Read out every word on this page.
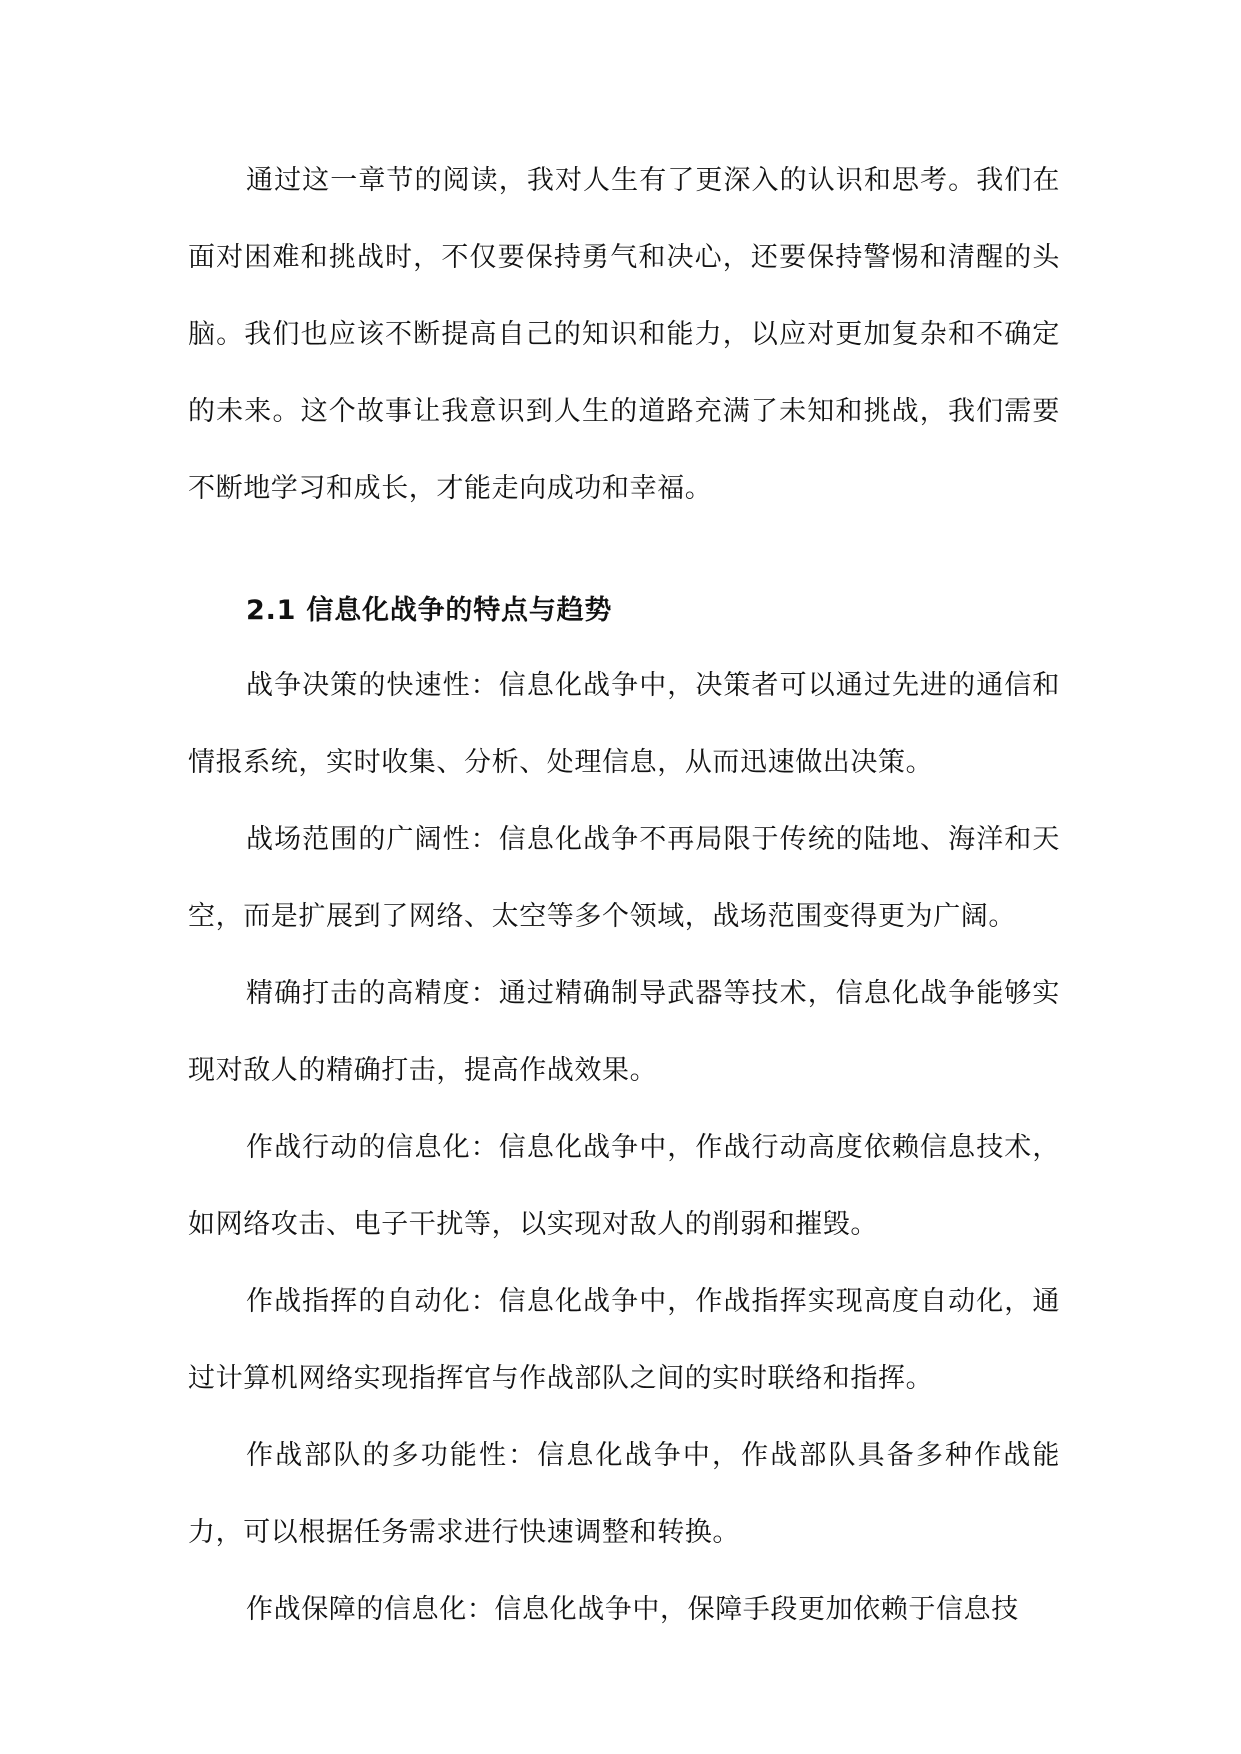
通过这一章节的阅读，我对人生有了更深入的认识和思考。我们在面对困难和挑战时，不仅要保持勇气和决心，还要保持警惕和清醒的头脑。我们也应该不断提高自己的知识和能力，以应对更加复杂和不确定的未来。这个故事让我意识到人生的道路充满了未知和挑战，我们需要不断地学习和成长，才能走向成功和幸福。

2.1 信息化战争的特点与趋势

战争决策的快速性：信息化战争中，决策者可以通过先进的通信和情报系统，实时收集、分析、处理信息，从而迅速做出决策。

战场范围的广阔性：信息化战争不再局限于传统的陆地、海洋和天空，而是扩展到了网络、太空等多个领域，战场范围变得更为广阔。

精确打击的高精度：通过精确制导武器等技术，信息化战争能够实现对敌人的精确打击，提高作战效果。

作战行动的信息化：信息化战争中，作战行动高度依赖信息技术，如网络攻击、电子干扰等，以实现对敌人的削弱和摧毁。

作战指挥的自动化：信息化战争中，作战指挥实现高度自动化，通过计算机网络实现指挥官与作战部队之间的实时联络和指挥。

作战部队的多功能性：信息化战争中，作战部队具备多种作战能力，可以根据任务需求进行快速调整和转换。

作战保障的信息化：信息化战争中，保障手段更加依赖于信息技
